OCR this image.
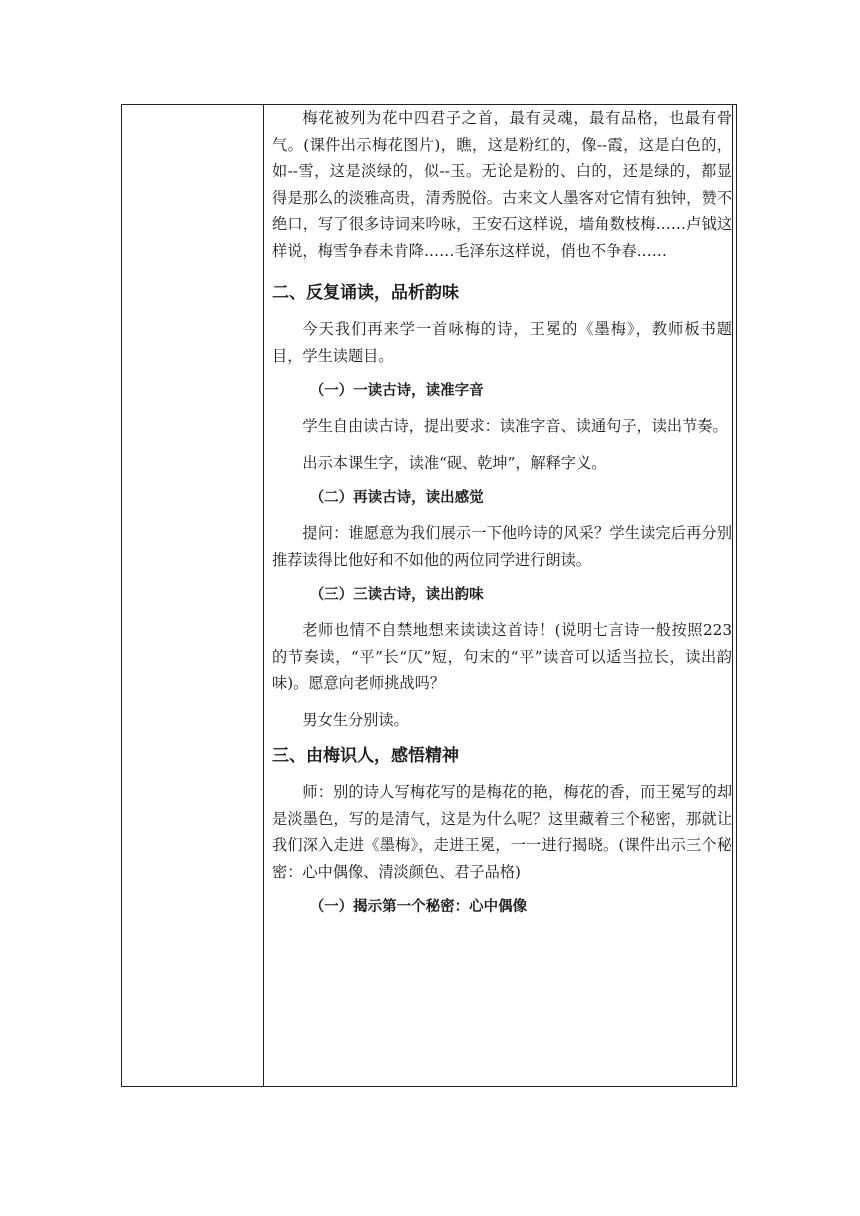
梅花被列为花中四君子之首，最有灵魂，最有品格，也最有骨气。(课件出示梅花图片)，瞧，这是粉红的，像--霞，这是白色的，如--雪，这是淡绿的，似--玉。无论是粉的、白的，还是绿的，都显得是那么的淡雅高贵，清秀脱俗。古来文人墨客对它情有独钟，赞不绝口，写了很多诗词来吟咏，王安石这样说，墙角数枝梅……卢钺这样说，梅雪争春未肯降……毛泽东这样说，俏也不争春……

二、反复诵读，品析韵味

今天我们再来学一首咏梅的诗，王冕的《墨梅》，教师板书题目，学生读题目。

（一）一读古诗，读准字音

学生自由读古诗，提出要求：读准字音、读通句子，读出节奏。

出示本课生字，读准“砚、乾坤”，解释字义。

（二）再读古诗，读出感觉

提问：谁愿意为我们展示一下他吟诗的风采？学生读完后再分别推荐读得比他好和不如他的两位同学进行朗读。

（三）三读古诗，读出韵味

老师也情不自禁地想来读读这首诗！(说明七言诗一般按照223的节奏读，“平”长“仄”短，句末的“平”读音可以适当拉长，读出韵味)。愿意向老师挑战吗？

男女生分别读。

三、由梅识人，感悟精神

师：别的诗人写梅花写的是梅花的艳，梅花的香，而王冕写的却是淡墨色，写的是清气，这是为什么呢？这里藏着三个秘密，那就让我们深入走进《墨梅》，走进王冕，一一进行揭晓。(课件出示三个秘密：心中偶像、清淡颜色、君子品格)

（一）揭示第一个秘密：心中偶像
